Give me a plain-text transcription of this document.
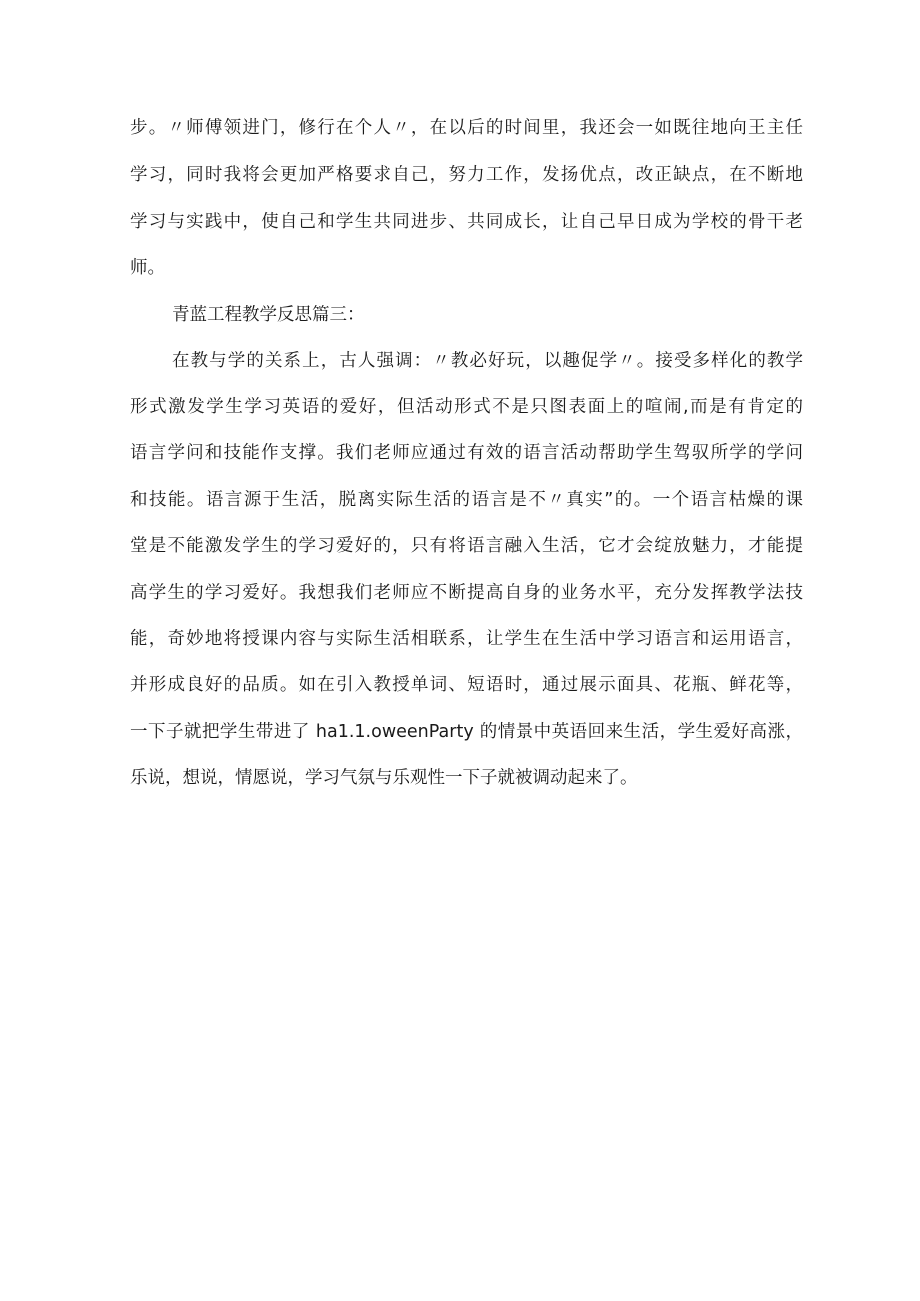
步。〃师傅领进门，修行在个人〃，在以后的时间里，我还会一如既往地向王主任
学习，同时我将会更加严格要求自己，努力工作，发扬优点，改正缺点，在不断地
学习与实践中，使自己和学生共同进步、共同成长，让自己早日成为学校的骨干老
师。
青蓝工程教学反思篇三：
在教与学的关系上，古人强调：〃教必好玩，以趣促学〃。接受多样化的教学
形式激发学生学习英语的爱好，但活动形式不是只图表面上的喧闹,而是有肯定的
语言学问和技能作支撑。我们老师应通过有效的语言活动帮助学生驾驭所学的学问
和技能。语言源于生活，脱离实际生活的语言是不〃真实”的。一个语言枯燥的课
堂是不能激发学生的学习爱好的，只有将语言融入生活，它才会绽放魅力，才能提
高学生的学习爱好。我想我们老师应不断提高自身的业务水平，充分发挥教学法技
能，奇妙地将授课内容与实际生活相联系，让学生在生活中学习语言和运用语言，
并形成良好的品质。如在引入教授单词、短语时，通过展示面具、花瓶、鲜花等，
一下子就把学生带进了 ha1.1.oweenParty 的情景中英语回来生活，学生爱好高涨，
乐说，想说，情愿说，学习气氛与乐观性一下子就被调动起来了。
